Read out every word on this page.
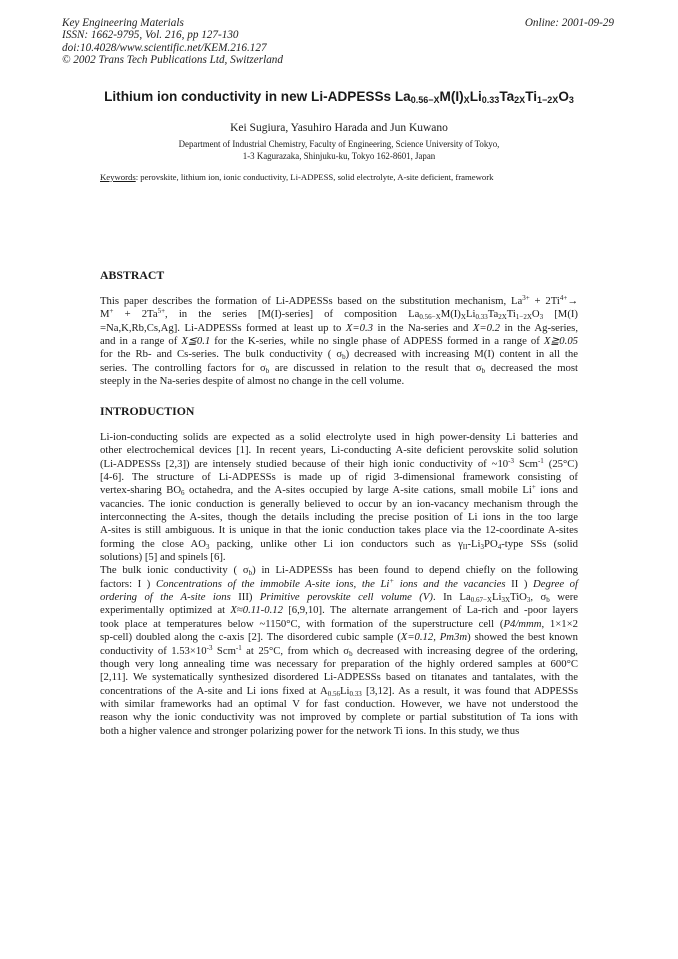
Key Engineering Materials
ISSN: 1662-9795, Vol. 216, pp 127-130
doi:10.4028/www.scientific.net/KEM.216.127
© 2002 Trans Tech Publications Ltd, Switzerland
Online: 2001-09-29
Lithium ion conductivity in new Li-ADPESSs $La_{0.56-X}M(I)_XLi_{0.33}Ta_{2X}Ti_{1-2X}O_3$
Kei Sugiura, Yasuhiro Harada and Jun Kuwano
Department of Industrial Chemistry, Faculty of Engineering, Science University of Tokyo,
1-3 Kagurazaka, Shinjuku-ku, Tokyo 162-8601, Japan
Keywords: perovskite, lithium ion, ionic conductivity, Li-ADPESS, solid electrolyte, A-site deficient, framework
ABSTRACT
This paper describes the formation of Li-ADPESSs based on the substitution mechanism, $La^{3+} + 2Ti^{4+}\to$
$M^+ + 2Ta^{5+}$, in the series [M(I)-series] of composition $La_{0.56-X}M(I)_XLi_{0.33}Ta_{2X}Ti_{1-2X}O_3$ [M(I)
=Na,K,Rb,Cs,Ag]. Li-ADPESSs formed at least up to X=0.3 in the Na-series and X=0.2 in the Ag-series,
and in a range of X≦0.1 for the K-series, while no single phase of ADPESS formed in a range of X≧0.05
for the Rb- and Cs-series. The bulk conductivity ( $\sigma_b$) decreased with increasing M(I) content in all the
series. The controlling factors for $\sigma_b$ are discussed in relation to the result that $\sigma_b$ decreased the most
steeply in the Na-series despite of almost no change in the cell volume.
INTRODUCTION
Li-ion-conducting solids are expected as a solid electrolyte used in high power-density Li batteries and
other electrochemical devices [1]. In recent years, Li-conducting A-site deficient perovskite solid solution
(Li-ADPESSs [2,3]) are intensely studied because of their high ionic conductivity of $\sim 10^{-3}$ Scm$^{-1}$ (25°C)
[4-6]. The structure of Li-ADPESSs is made up of rigid 3-dimensional framework consisting of
vertex-sharing $BO_6$ octahedra, and the A-sites occupied by large A-site cations, small mobile Li+ ions and
vacancies. The ionic conduction is generally believed to occur by an ion-vacancy mechanism through the
interconnecting the A-sites, though the details including the precise position of Li ions in the too large
A-sites is still ambiguous. It is unique in that the ionic conduction takes place via the 12-coordinate A-sites
forming the close $AO_3$ packing, unlike other Li ion conductors such as $\gamma_{II}-Li_3PO_4$-type SSs (solid
solutions) [5] and spinels [6].
The bulk ionic conductivity ( $\sigma_b$) in Li-ADPESSs has been found to depend chiefly on the following
factors: I ) Concentrations of the immobile A-site ions, the Li+ ions and the vacancies II ) Degree of
ordering of the A-site ions III) Primitive perovskite cell volume (V). In $La_{0.67-X}Li_{3X}TiO_3$, $\sigma_b$ were
experimentally optimized at X≈0.11-0.12 [6,9,10]. The alternate arrangement of La-rich and -poor layers
took place at temperatures below ~1150°C, with formation of the superstructure cell (P4/mmm, 1×1×2
sp-cell) doubled along the c-axis [2]. The disordered cubic sample (X=0.12, Pm3m) showed the best known
conductivity of $1.53\times 10^{-3}$ Scm$^{-1}$ at 25°C, from which $\sigma_b$ decreased with increasing degree of the ordering,
though very long annealing time was necessary for preparation of the highly ordered samples at 600°C
[2,11]. We systematically synthesized disordered Li-ADPESSs based on titanates and tantalates, with the
concentrations of the A-site and Li ions fixed at $A_{0.56}Li_{0.33}$ [3,12]. As a result, it was found that ADPESSs
with similar frameworks had an optimal V for fast conduction. However, we have not understood the
reason why the ionic conductivity was not improved by complete or partial substitution of Ta ions with
both a higher valence and stronger polarizing power for the network Ti ions. In this study, we thus
